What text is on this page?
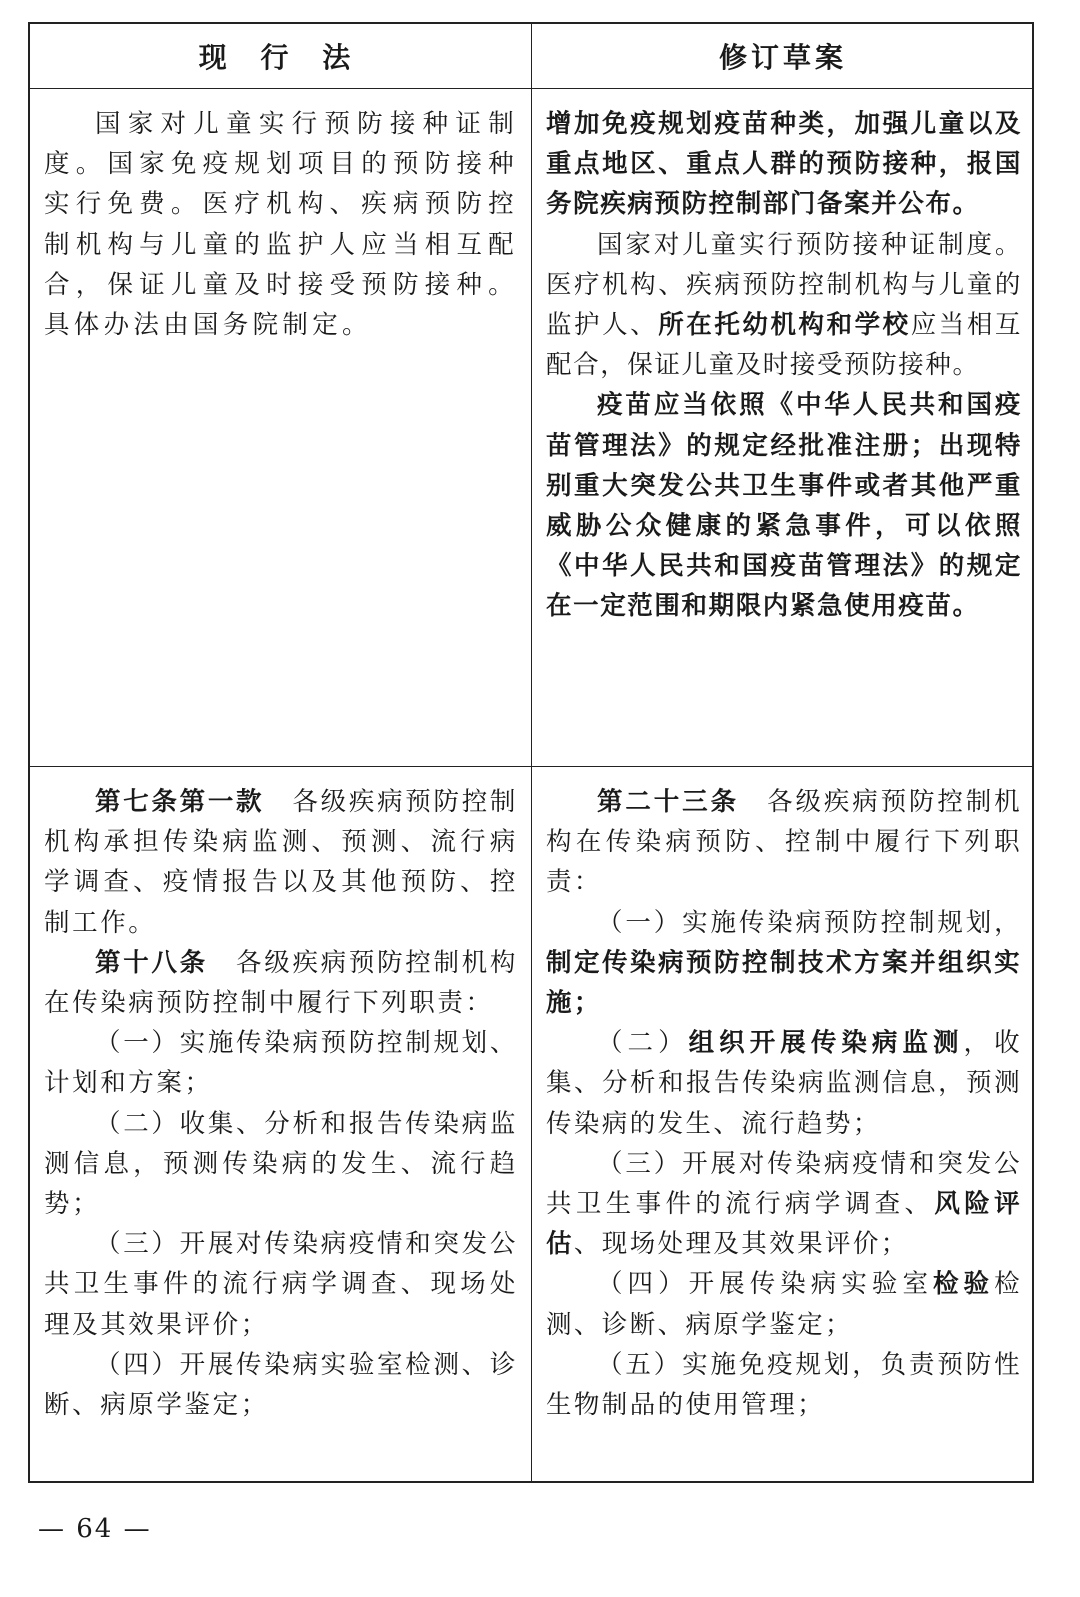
现 行 法	修订草案

国家对儿童实行预防接种证制度。国家免疫规划项目的预防接种实行免费。医疗机构、疾病预防控制机构与儿童的监护人应当相互配合，保证儿童及时接受预防接种。具体办法由国务院制定。

增加免疫规划疫苗种类，加强儿童以及重点地区、重点人群的预防接种，报国务院疾病预防控制部门备案并公布。

国家对儿童实行预防接种证制度。医疗机构、疾病预防控制机构与儿童的监护人、所在托幼机构和学校应当相互配合，保证儿童及时接受预防接种。

疫苗应当依照《中华人民共和国疫苗管理法》的规定经批准注册；出现特别重大突发公共卫生事件或者其他严重威胁公众健康的紧急事件，可以依照《中华人民共和国疫苗管理法》的规定在一定范围和期限内紧急使用疫苗。

第七条第一款　各级疾病预防控制机构承担传染病监测、预测、流行病学调查、疫情报告以及其他预防、控制工作。

第十八条　各级疾病预防控制机构在传染病预防控制中履行下列职责：

（一）实施传染病预防控制规划、计划和方案；

（二）收集、分析和报告传染病监测信息，预测传染病的发生、流行趋势；

（三）开展对传染病疫情和突发公共卫生事件的流行病学调查、现场处理及其效果评价；

（四）开展传染病实验室检测、诊断、病原学鉴定；

第二十三条　各级疾病预防控制机构在传染病预防、控制中履行下列职责：

（一）实施传染病预防控制规划，制定传染病预防控制技术方案并组织实施；

（二）组织开展传染病监测，收集、分析和报告传染病监测信息，预测传染病的发生、流行趋势；

（三）开展对传染病疫情和突发公共卫生事件的流行病学调查、风险评估、现场处理及其效果评价；

（四）开展传染病实验室检验检测、诊断、病原学鉴定；

（五）实施免疫规划，负责预防性生物制品的使用管理；

— 64 —
